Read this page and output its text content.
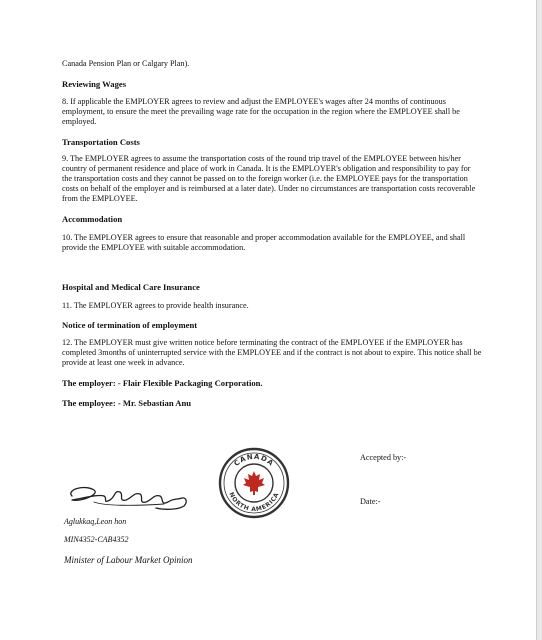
Canada Pension Plan or Calgary Plan).

Reviewing Wages

8. If applicable the EMPLOYER agrees to review and adjust the EMPLOYEE's wages after 24 months of continuous employment, to ensure the meet the prevailing wage rate for the occupation in the region where the EMPLOYEE shall be employed.

Transportation Costs

9. The EMPLOYER agrees to assume the transportation costs of the round trip travel of the EMPLOYEE between his/her country of permanent residence and place of work in Canada. It is the EMPLOYER's obligation and responsibility to pay for the transportation costs and they cannot be passed on to the foreign worker (i.e. the EMPLOYEE pays for the transportation costs on behalf of the employer and is reimbursed at a later date). Under no circumstances are transportation costs recoverable from the EMPLOYEE.

Accommodation

10. The EMPLOYER agrees to ensure that reasonable and proper accommodation available for the EMPLOYEE, and shall provide the EMPLOYEE with suitable accommodation.

Hospital and Medical Care Insurance

11. The EMPLOYER agrees to provide health insurance.

Notice of termination of employment

12. The EMPLOYER must give written notice before terminating the contract of the EMPLOYEE if the EMPLOYER has completed 3months of uninterrupted service with the EMPLOYEE and if the contract is not about to expire. This notice shall be provide at least one week in advance.

The employer: - Flair Flexible Packaging Corporation.

The employee: - Mr. Sebastian Anu

CANADA
NORTH AMERICA
Aglukkaq,Leon hon
MIN4352-CAB4352
Minister of Labour Market Opinion
Accepted by:-
Date:-
